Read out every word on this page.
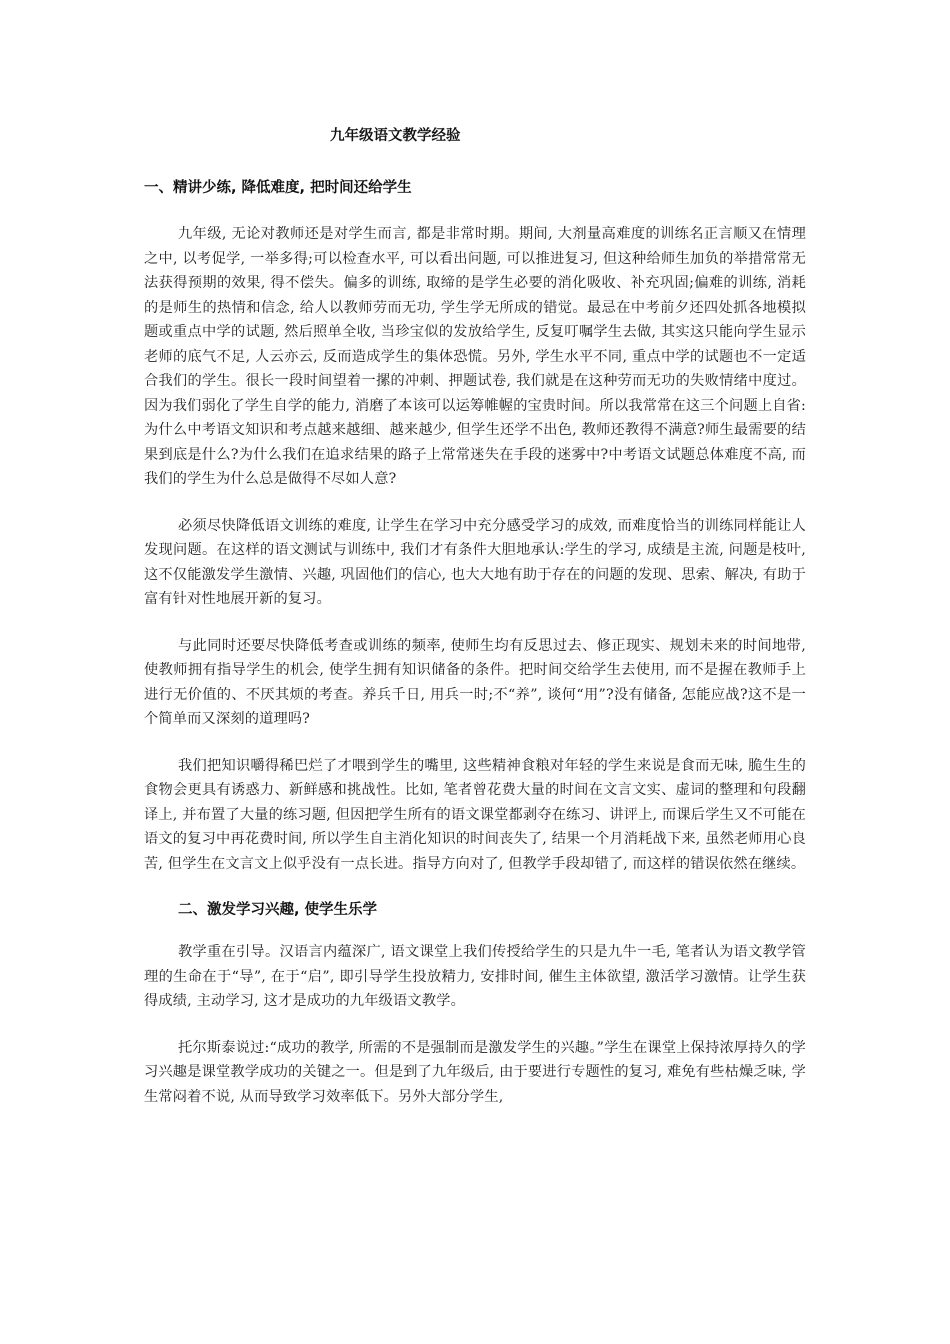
九年级语文教学经验
一、精讲少练, 降低难度, 把时间还给学生

九年级, 无论对教师还是对学生而言, 都是非常时期。期间, 大剂量高难度的训练名正言顺又在情理之中, 以考促学, 一举多得;可以检查水平, 可以看出问题, 可以推进复习, 但这种给师生加负的举措常常无法获得预期的效果, 得不偿失。偏多的训练, 取缔的是学生必要的消化吸收、补充巩固;偏难的训练, 消耗的是师生的热情和信念, 给人以教师劳而无功, 学生学无所成的错觉。最忌在中考前夕还四处抓各地模拟题或重点中学的试题, 然后照单全收, 当珍宝似的发放给学生, 反复叮嘱学生去做, 其实这只能向学生显示老师的底气不足, 人云亦云, 反而造成学生的集体恐慌。另外, 学生水平不同, 重点中学的试题也不一定适合我们的学生。很长一段时间望着一摞的冲刺、押题试卷, 我们就是在这种劳而无功的失败情绪中度过。因为我们弱化了学生自学的能力, 消磨了本该可以运筹帷幄的宝贵时间。所以我常常在这三个问题上自省:为什么中考语文知识和考点越来越细、越来越少, 但学生还学不出色, 教师还教得不满意?师生最需要的结果到底是什么?为什么我们在追求结果的路子上常常迷失在手段的迷雾中?中考语文试题总体难度不高, 而我们的学生为什么总是做得不尽如人意?

必须尽快降低语文训练的难度, 让学生在学习中充分感受学习的成效, 而难度恰当的训练同样能让人发现问题。在这样的语文测试与训练中, 我们才有条件大胆地承认:学生的学习, 成绩是主流, 问题是枝叶, 这不仅能激发学生激情、兴趣, 巩固他们的信心, 也大大地有助于存在的问题的发现、思索、解决, 有助于富有针对性地展开新的复习。

与此同时还要尽快降低考查或训练的频率, 使师生均有反思过去、修正现实、规划未来的时间地带, 使教师拥有指导学生的机会, 使学生拥有知识储备的条件。把时间交给学生去使用, 而不是握在教师手上进行无价值的、不厌其烦的考查。养兵千日, 用兵一时;不“养”, 谈何“用”?没有储备, 怎能应战?这不是一个简单而又深刻的道理吗?

我们把知识嚼得稀巴烂了才喂到学生的嘴里, 这些精神食粮对年轻的学生来说是食而无味, 脆生生的食物会更具有诱惑力、新鲜感和挑战性。比如, 笔者曾花费大量的时间在文言文实、虚词的整理和句段翻译上, 并布置了大量的练习题, 但因把学生所有的语文课堂都剥夺在练习、讲评上, 而课后学生又不可能在语文的复习中再花费时间, 所以学生自主消化知识的时间丧失了, 结果一个月消耗战下来, 虽然老师用心良苦, 但学生在文言文上似乎没有一点长进。指导方向对了, 但教学手段却错了, 而这样的错误依然在继续。

二、激发学习兴趣, 使学生乐学

教学重在引导。汉语言内蕴深广, 语文课堂上我们传授给学生的只是九牛一毛, 笔者认为语文教学管理的生命在于“导”, 在于“启”, 即引导学生投放精力, 安排时间, 催生主体欲望, 激活学习激情。让学生获得成绩, 主动学习, 这才是成功的九年级语文教学。

托尔斯泰说过:“成功的教学, 所需的不是强制而是激发学生的兴趣。”学生在课堂上保持浓厚持久的学习兴趣是课堂教学成功的关键之一。但是到了九年级后, 由于要进行专题性的复习, 难免有些枯燥乏味, 学生常闷着不说, 从而导致学习效率低下。另外大部分学生,
